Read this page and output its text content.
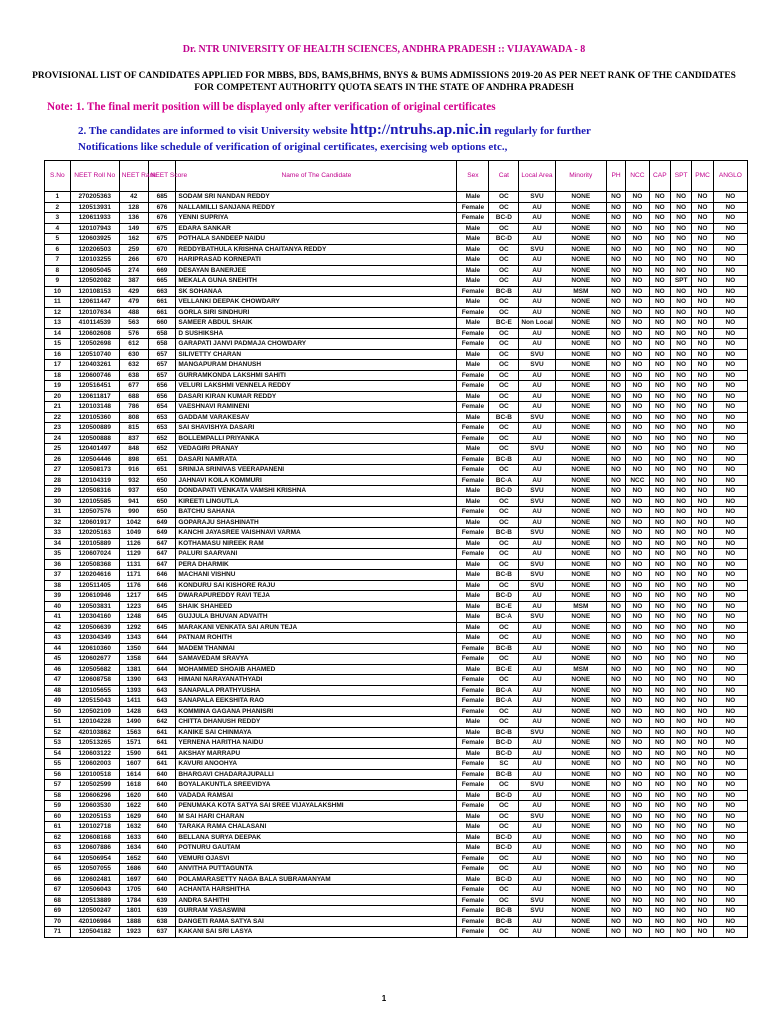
Dr. NTR UNIVERSITY OF HEALTH SCIENCES, ANDHRA PRADESH :: VIJAYAWADA - 8
PROVISIONAL LIST OF CANDIDATES APPLIED FOR MBBS, BDS, BAMS,BHMS, BNYS & BUMS ADMISSIONS 2019-20 AS PER NEET RANK OF THE CANDIDATES FOR COMPETENT AUTHORITY QUOTA SEATS IN THE STATE OF ANDHRA PRADESH
Note: 1. The final merit position will be displayed only after verification of original certificates
2. The candidates are informed to visit University website http://ntruhs.ap.nic.in regularly for further Notifications like schedule of verification of original certificates, exercising web options etc.,
S.No	NEET Roll No	NEET Rank	NEET Score	Name of The Candidate	Sex	Cat	Local Area	Minority	PH	NCC	CAP	SPT	PMC	ANGLO
1	270205363	42	685	SODAM SRI NANDAN REDDY	Male	OC	SVU	NONE	NO	NO	NO	NO	NO	NO
2	120513931	128	676	NALLAMILLI SANJANA REDDY	Female	OC	AU	NONE	NO	NO	NO	NO	NO	NO
3	120611933	136	676	YENNI SUPRIYA	Female	BC-D	AU	NONE	NO	NO	NO	NO	NO	NO
4	120107943	149	675	EDARA SANKAR	Male	OC	AU	NONE	NO	NO	NO	NO	NO	NO
5	120603925	162	675	POTHALA SANDEEP NAIDU	Male	BC-D	AU	NONE	NO	NO	NO	NO	NO	NO
6	120206503	259	670	REDDYBATHULA KRISHNA CHAITANYA REDDY	Male	OC	SVU	NONE	NO	NO	NO	NO	NO	NO
7	120103255	266	670	HARIPRASAD KORNEPATI	Male	OC	AU	NONE	NO	NO	NO	NO	NO	NO
8	120605045	274	669	DESAYAN BANERJEE	Male	OC	AU	NONE	NO	NO	NO	NO	NO	NO
9	120502082	387	665	MEKALA GUNA SNEHITH	Male	OC	AU	NONE	NO	NO	NO	SPT	NO	NO
10	120108153	429	663	SK SOHANAA	Female	BC-B	AU	MSM	NO	NO	NO	NO	NO	NO
11	120611447	479	661	VELLANKI DEEPAK CHOWDARY	Male	OC	AU	NONE	NO	NO	NO	NO	NO	NO
12	120107634	488	661	GORLA SIRI SINDHURI	Female	OC	AU	NONE	NO	NO	NO	NO	NO	NO
13	410114539	563	660	SAMEER ABDUL SHAIK	Male	BC-E	Non Local	NONE	NO	NO	NO	NO	NO	NO
14	120602608	576	658	D SUSHIKSHA	Female	OC	AU	NONE	NO	NO	NO	NO	NO	NO
15	120502698	612	658	GARAPATI JANVI PADMAJA CHOWDARY	Female	OC	AU	NONE	NO	NO	NO	NO	NO	NO
16	120510740	630	657	SILIVETTY CHARAN	Male	OC	SVU	NONE	NO	NO	NO	NO	NO	NO
17	120403261	632	657	MANGAPURAM DHANUSH	Male	OC	SVU	NONE	NO	NO	NO	NO	NO	NO
18	120600746	638	657	GURRAMKONDA LAKSHMI SAHITI	Female	OC	AU	NONE	NO	NO	NO	NO	NO	NO
19	120516451	677	656	VELURI LAKSHMI VENNELA REDDY	Female	OC	AU	NONE	NO	NO	NO	NO	NO	NO
20	120611817	688	656	DASARI KIRAN KUMAR REDDY	Male	OC	AU	NONE	NO	NO	NO	NO	NO	NO
21	120103148	786	654	VAESHNAVI RAMINENI	Female	OC	AU	NONE	NO	NO	NO	NO	NO	NO
22	120105360	808	653	GADDAM VARAKESAV	Male	BC-B	SVU	NONE	NO	NO	NO	NO	NO	NO
23	120500889	815	653	SAI SHAVISHYA DASARI	Female	OC	AU	NONE	NO	NO	NO	NO	NO	NO
24	120500888	837	652	BOLLEMPALLI PRIYANKA	Female	OC	AU	NONE	NO	NO	NO	NO	NO	NO
25	120401497	848	652	VEDAGIRI PRANAY	Male	OC	SVU	NONE	NO	NO	NO	NO	NO	NO
26	120504446	898	651	DASARI NAMRATA	Female	BC-B	AU	NONE	NO	NO	NO	NO	NO	NO
27	120508173	916	651	SRINIJA SRINIVAS VEERAPANENI	Female	OC	AU	NONE	NO	NO	NO	NO	NO	NO
28	120104319	932	650	JAHNAVI KOILA KOMMURI	Female	BC-A	AU	NONE	NO	NCC	NO	NO	NO	NO
29	120508316	937	650	DONDAPATI VENKATA VAMSHI KRISHNA	Male	BC-D	SVU	NONE	NO	NO	NO	NO	NO	NO
30	120105585	941	650	KIREETI LINGUTLA	Male	OC	SVU	NONE	NO	NO	NO	NO	NO	NO
31	120507576	990	650	BATCHU SAHANA	Female	OC	AU	NONE	NO	NO	NO	NO	NO	NO
32	120601917	1042	649	GOPARAJU SHASHINATH	Male	OC	AU	NONE	NO	NO	NO	NO	NO	NO
33	120205163	1049	649	KANCHI JAYASREE VAISHNAVI VARMA	Female	BC-B	SVU	NONE	NO	NO	NO	NO	NO	NO
34	120105889	1126	647	KOTHAMASU NIREEK RAM	Male	OC	AU	NONE	NO	NO	NO	NO	NO	NO
35	120607024	1129	647	PALURI SAARVANI	Female	OC	AU	NONE	NO	NO	NO	NO	NO	NO
36	120508368	1131	647	PERA DHARMIK	Male	OC	SVU	NONE	NO	NO	NO	NO	NO	NO
37	120204616	1171	646	MACHANI VISHNU	Male	BC-B	SVU	NONE	NO	NO	NO	NO	NO	NO
38	120511405	1176	646	KONDURU SAI KISHORE RAJU	Male	OC	SVU	NONE	NO	NO	NO	NO	NO	NO
39	120610946	1217	645	DWARAPUREDDY RAVI TEJA	Male	BC-D	AU	NONE	NO	NO	NO	NO	NO	NO
40	120503831	1223	645	SHAIK SHAHEED	Male	BC-E	AU	MSM	NO	NO	NO	NO	NO	NO
41	120304160	1248	645	GUJJULA BHUVAN ADVAITH	Male	BC-A	SVU	NONE	NO	NO	NO	NO	NO	NO
42	120506639	1292	645	MARAKANI VENKATA SAI ARUN TEJA	Male	OC	AU	NONE	NO	NO	NO	NO	NO	NO
43	120304349	1343	644	PATNAM ROHITH	Male	OC	AU	NONE	NO	NO	NO	NO	NO	NO
44	120610360	1350	644	MADEM THANMAI	Female	BC-B	AU	NONE	NO	NO	NO	NO	NO	NO
45	120602677	1358	644	SAMAVEDAM SRAVYA	Female	OC	AU	NONE	NO	NO	NO	NO	NO	NO
46	120505682	1381	644	MOHAMMED SHOAIB AHAMED	Male	BC-E	AU	MSM	NO	NO	NO	NO	NO	NO
47	120608758	1390	643	HIMANI NARAYANATHYADI	Female	OC	AU	NONE	NO	NO	NO	NO	NO	NO
48	120105655	1393	643	SANAPALA PRATHYUSHA	Female	BC-A	AU	NONE	NO	NO	NO	NO	NO	NO
49	120515043	1411	643	SANAPALA EEKSHITA RAO	Female	BC-A	AU	NONE	NO	NO	NO	NO	NO	NO
50	120502109	1428	643	KOMMINA GAGANA PHANISRI	Female	OC	AU	NONE	NO	NO	NO	NO	NO	NO
51	120104228	1490	642	CHITTA DHANUSH REDDY	Male	OC	AU	NONE	NO	NO	NO	NO	NO	NO
52	420103862	1563	641	KANIKE SAI CHINMAYA	Male	BC-B	SVU	NONE	NO	NO	NO	NO	NO	NO
53	120513265	1571	641	YERNENA HARITHA NAIDU	Female	BC-D	AU	NONE	NO	NO	NO	NO	NO	NO
54	120603122	1590	641	AKSHAY MARRAPU	Male	BC-D	AU	NONE	NO	NO	NO	NO	NO	NO
55	120602003	1607	641	KAVURI ANOOHYA	Female	SC	AU	NONE	NO	NO	NO	NO	NO	NO
56	120100518	1614	640	BHARGAVI CHADARAJUPALLI	Female	BC-B	AU	NONE	NO	NO	NO	NO	NO	NO
57	120502599	1618	640	BOYALAKUNTLA SREEVIDYA	Female	OC	SVU	NONE	NO	NO	NO	NO	NO	NO
58	120606296	1620	640	VADADA RAMSAI	Male	BC-D	AU	NONE	NO	NO	NO	NO	NO	NO
59	120603530	1622	640	PENUMAKA KOTA SATYA SAI SREE VIJAYALAKSHMI	Female	OC	AU	NONE	NO	NO	NO	NO	NO	NO
60	120205153	1629	640	M SAI HARI CHARAN	Male	OC	SVU	NONE	NO	NO	NO	NO	NO	NO
61	120102718	1632	640	TARAKA RAMA CHALASANI	Male	OC	AU	NONE	NO	NO	NO	NO	NO	NO
62	120608168	1633	640	BELLANA SURYA DEEPAK	Male	BC-D	AU	NONE	NO	NO	NO	NO	NO	NO
63	120607886	1634	640	POTNURU GAUTAM	Male	BC-D	AU	NONE	NO	NO	NO	NO	NO	NO
64	120506954	1652	640	VEMURI OJASVI	Female	OC	AU	NONE	NO	NO	NO	NO	NO	NO
65	120507055	1686	640	ANVITHA PUTTAGUNTA	Female	OC	AU	NONE	NO	NO	NO	NO	NO	NO
66	120602481	1697	640	POLAMARASETTY NAGA BALA SUBRAMANYAM	Male	BC-D	AU	NONE	NO	NO	NO	NO	NO	NO
67	120506043	1705	640	ACHANTA HARSHITHA	Female	OC	AU	NONE	NO	NO	NO	NO	NO	NO
68	120513889	1784	639	ANDRA SAHITHI	Female	OC	SVU	NONE	NO	NO	NO	NO	NO	NO
69	120500247	1801	639	GURRAM YASASWINI	Female	BC-B	SVU	NONE	NO	NO	NO	NO	NO	NO
70	420106984	1888	638	DANGETI RAMA SATYA SAI	Female	BC-B	AU	NONE	NO	NO	NO	NO	NO	NO
71	120504182	1923	637	KAKANI SAI SRI LASYA	Female	OC	AU	NONE	NO	NO	NO	NO	NO	NO
1
